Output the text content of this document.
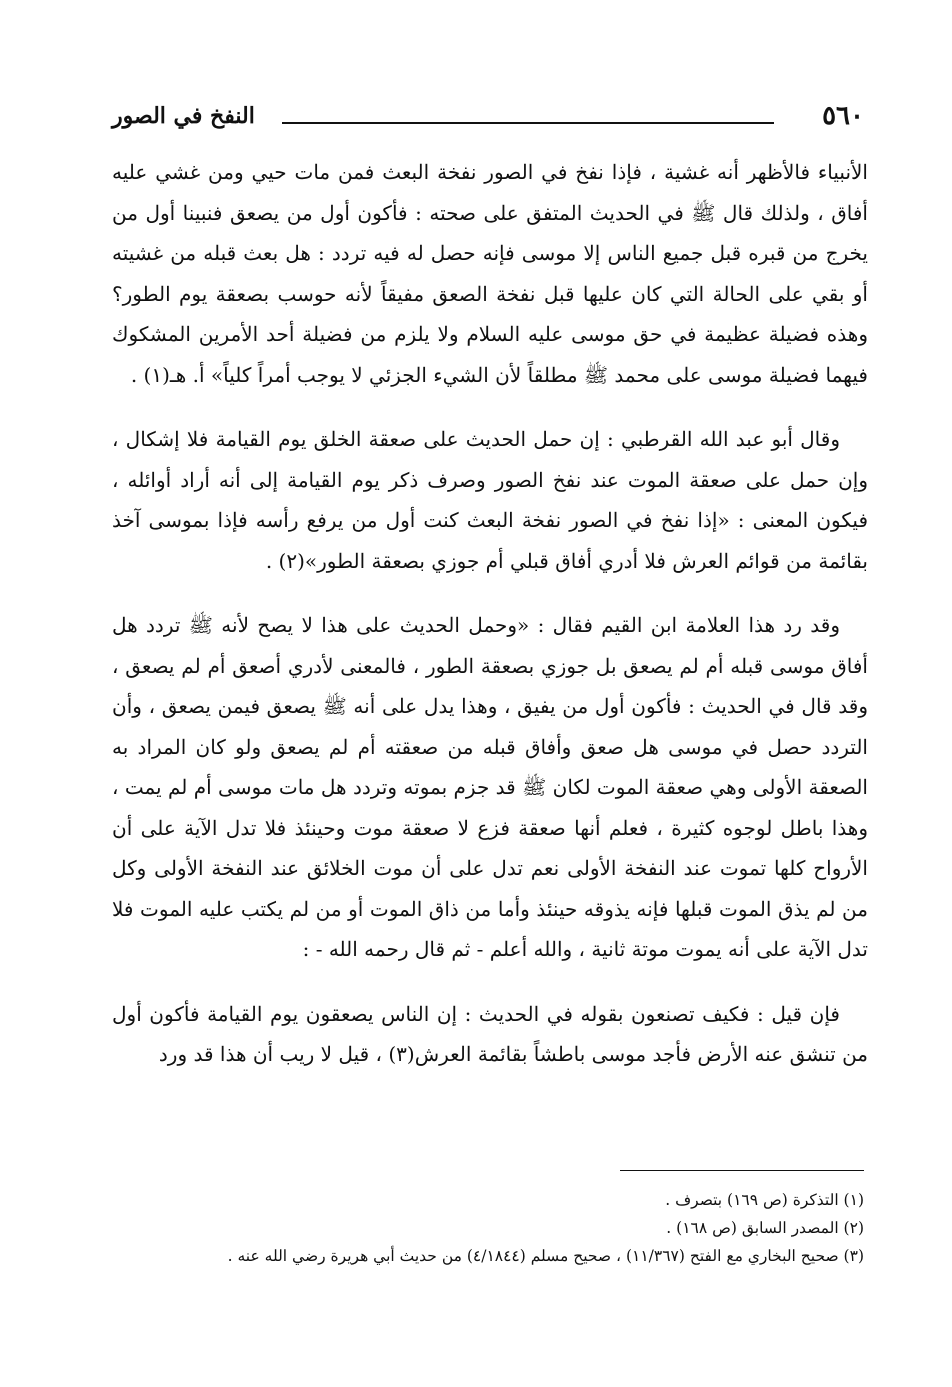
٥٦٠
النفخ في الصور

الأنبياء فالأظهر أنه غشية ، فإذا نفخ في الصور نفخة البعث فمن مات حيي ومن غشي عليه أفاق ، ولذلك قال ﷺ في الحديث المتفق على صحته : فأكون أول من يصعق فنبينا أول من يخرج من قبره قبل جميع الناس إلا موسى فإنه حصل له فيه تردد : هل بعث قبله من غشيته أو بقي على الحالة التي كان عليها قبل نفخة الصعق مفيقاً لأنه حوسب بصعقة يوم الطور؟ وهذه فضيلة عظيمة في حق موسى عليه السلام ولا يلزم من فضيلة أحد الأمرين المشكوك فيهما فضيلة موسى على محمد ﷺ مطلقاً لأن الشيء الجزئي لا يوجب أمراً كلياً» أ. هـ(١) .

وقال أبو عبد الله القرطبي : إن حمل الحديث على صعقة الخلق يوم القيامة فلا إشكال ، وإن حمل على صعقة الموت عند نفخ الصور وصرف ذكر يوم القيامة إلى أنه أراد أوائله ، فيكون المعنى : «إذا نفخ في الصور نفخة البعث كنت أول من يرفع رأسه فإذا بموسى آخذ بقائمة من قوائم العرش فلا أدري أفاق قبلي أم جوزي بصعقة الطور»(٢) .

وقد رد هذا العلامة ابن القيم فقال : «وحمل الحديث على هذا لا يصح لأنه ﷺ تردد هل أفاق موسى قبله أم لم يصعق بل جوزي بصعقة الطور ، فالمعنى لأدري أصعق أم لم يصعق ، وقد قال في الحديث : فأكون أول من يفيق ، وهذا يدل على أنه ﷺ يصعق فيمن يصعق ، وأن التردد حصل في موسى هل صعق وأفاق قبله من صعقته أم لم يصعق ولو كان المراد به الصعقة الأولى وهي صعقة الموت لكان ﷺ قد جزم بموته وتردد هل مات موسى أم لم يمت ، وهذا باطل لوجوه كثيرة ، فعلم أنها صعقة فزع لا صعقة موت وحينئذ فلا تدل الآية على أن الأرواح كلها تموت عند النفخة الأولى نعم تدل على أن موت الخلائق عند النفخة الأولى وكل من لم يذق الموت قبلها فإنه يذوقه حينئذ وأما من ذاق الموت أو من لم يكتب عليه الموت فلا تدل الآية على أنه يموت موتة ثانية ، والله أعلم - ثم قال رحمه الله - :

فإن قيل : فكيف تصنعون بقوله في الحديث : إن الناس يصعقون يوم القيامة فأكون أول من تنشق عنه الأرض فأجد موسى باطشاً بقائمة العرش(٣) ، قيل لا ريب أن هذا قد ورد

(١) التذكرة (ص ١٦٩) بتصرف .

(٢) المصدر السابق (ص ١٦٨) .

(٣) صحيح البخاري مع الفتح (١١/٣٦٧) ، صحيح مسلم (٤/١٨٤٤) من حديث أبي هريرة رضي الله عنه .
